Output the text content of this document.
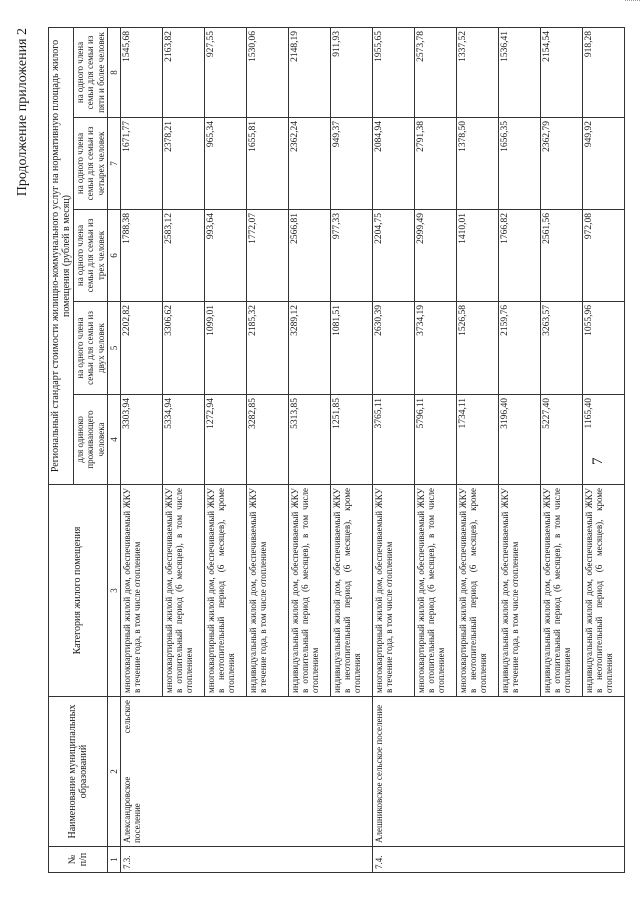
7
Продолжение приложения 2
№ п/п	Наименование муниципальных образований	Категория жилого помещения	Региональный стандарт стоимости жилищно-коммунального услуг на нормативную площадь жилого помещения (рублей в месяц)				
			для одиноко проживающего человека	на одного члена семьи для семьи из двух человек	на одного члена семьи для семьи из трех человек	на одного члена семьи для семьи из четырех человек	на одного члена семьи для семьи из пяти и более человек
1	2	3	4	5	6	7	8
7.3.	Александровское сельское поселение	многоквартирный жилой дом, обеспечиваемый ЖКУ в течение года, в том числе отоплением	3303,94	2202,82	1788,38	1671,77	1545,68
		многоквартирный жилой дом, обеспечиваемый ЖКУ в отопительный период (6 месяцев), в том числе отоплением	5334,94	3306,62	2583,12	2378,21	2163,82
		многоквартирный жилой дом, обеспечиваемый ЖКУ в неотопительный период (6 месяцев), кроме отопления	1272,94	1099,01	993,64	965,34	927,55
		индивидуальный жилой дом, обеспечиваемый ЖКУ в течение года, в том числе отоплением	3282,85	2185,32	1772,07	1655,81	1530,06
		индивидуальный жилой дом, обеспечиваемый ЖКУ в отопительный период (6 месяцев), в том числе отоплением	5313,85	3289,12	2566,81	2362,24	2148,19
		индивидуальный жилой дом, обеспечиваемый ЖКУ в неотопительный период (6 месяцев), кроме отопления	1251,85	1081,51	977,33	949,37	911,93
7.4.	Алешниковское сельское поселение	многоквартирный жилой дом, обеспечиваемый ЖКУ в течение года, в том числе отоплением	3765,11	2630,39	2204,75	2084,94	1955,65
		многоквартирный жилой дом, обеспечиваемый ЖКУ в отопительный период (6 месяцев), в том числе отоплением	5796,11	3734,19	2999,49	2791,38	2573,78
		многоквартирный жилой дом, обеспечиваемый ЖКУ в неотопительный период (6 месяцев), кроме отопления	1734,11	1526,58	1410,01	1378,50	1337,52
		индивидуальный жилой дом, обеспечиваемый ЖКУ в течение года, в том числе отоплением	3196,40	2159,76	1766,82	1656,35	1536,41
		индивидуальный жилой дом, обеспечиваемый ЖКУ в отопительный период (6 месяцев), в том числе отоплением	5227,40	3263,57	2561,56	2362,79	2154,54
		индивидуальный жилой дом, обеспечиваемый ЖКУ в неотопительный период (6 месяцев), кроме отопления	1165,40	1055,96	972,08	949,92	918,28
